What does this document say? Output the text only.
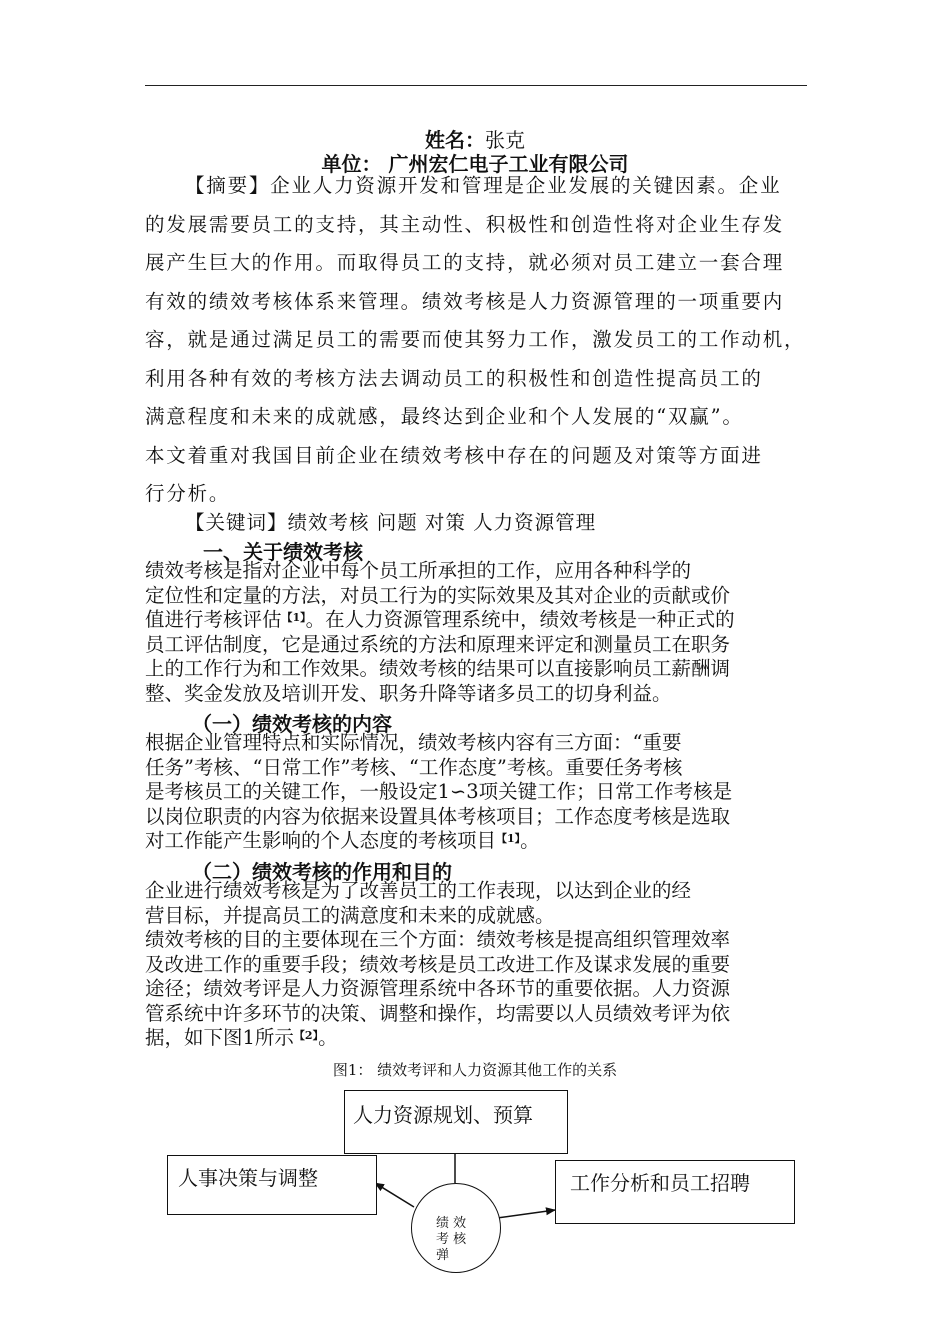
姓名：张克
单位： 广州宏仁电子工业有限公司
【摘要】企业人力资源开发和管理是企业发展的关键因素。企业
的发展需要员工的支持，其主动性、积极性和创造性将对企业生存发
展产生巨大的作用。而取得员工的支持，就必须对员工建立一套合理
有效的绩效考核体系来管理。绩效考核是人力资源管理的一项重要内
容，就是通过满足员工的需要而使其努力工作，激发员工的工作动机，
利用各种有效的考核方法去调动员工的积极性和创造性提高员工的
满意程度和未来的成就感，最终达到企业和个人发展的“双赢”。
本文着重对我国目前企业在绩效考核中存在的问题及对策等方面进
行分析。
【关键词】绩效考核 问题 对策 人力资源管理
一、关于绩效考核
绩效考核是指对企业中每个员工所承担的工作，应用各种科学的
定位性和定量的方法，对员工行为的实际效果及其对企业的贡献或价
值进行考核评估$^{【1】}$。在人力资源管理系统中，绩效考核是一种正式的
员工评估制度，它是通过系统的方法和原理来评定和测量员工在职务
上的工作行为和工作效果。绩效考核的结果可以直接影响员工薪酬调
整、奖金发放及培训开发、职务升降等诸多员工的切身利益。
（一）绩效考核的内容
根据企业管理特点和实际情况，绩效考核内容有三方面：“重要
任务”考核、“日常工作”考核、“工作态度”考核。重要任务考核
是考核员工的关键工作，一般设定1∽3项关键工作；日常工作考核是
以岗位职责的内容为依据来设置具体考核项目；工作态度考核是选取
对工作能产生影响的个人态度的考核项目$^{【1】}$。
（二）绩效考核的作用和目的
企业进行绩效考核是为了改善员工的工作表现，以达到企业的经
营目标，并提高员工的满意度和未来的成就感。
绩效考核的目的主要体现在三个方面：绩效考核是提高组织管理效率
及改进工作的重要手段；绩效考核是员工改进工作及谋求发展的重要
途径；绩效考评是人力资源管理系统中各环节的重要依据。人力资源
管系统中许多环节的决策、调整和操作，均需要以人员绩效考评为依
据，如下图1所示$^{【2】}$。
图1： 绩效考评和人力资源其他工作的关系
人力资源规划、预算
人事决策与调整	工作分析和员工招聘
绩 效
考 核
弹
